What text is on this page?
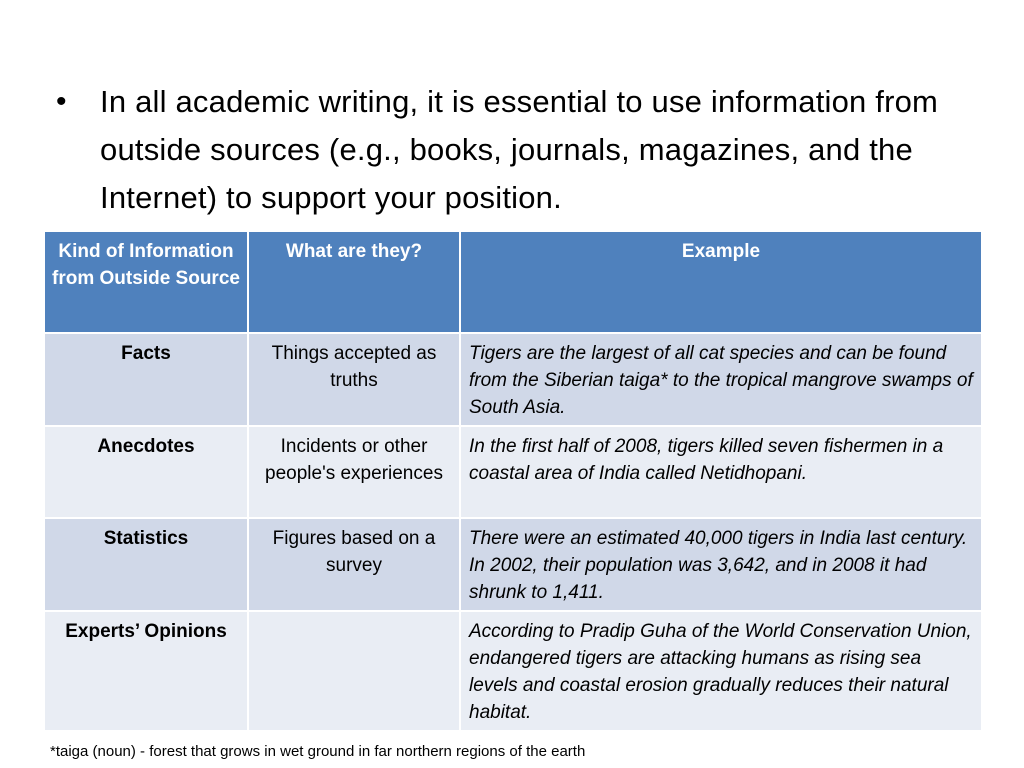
•	In all academic writing, it is essential to use information from outside sources (e.g., books, journals, magazines, and the Internet) to support your position.
Kind of Information from Outside Source	What are they?	Example
Facts	Things accepted as truths	Tigers are the largest of all cat species and can be found from the Siberian taiga* to the tropical mangrove swamps of South Asia.
Anecdotes	Incidents or other people's experiences	In the first half of 2008, tigers killed seven fishermen in a coastal area of India called Netidhopani.
Statistics	Figures based on a survey	There were an estimated 40,000 tigers in India last century. In 2002, their population was 3,642, and in 2008 it had shrunk to 1,411.
Experts’ Opinions		According to Pradip Guha of the World Conservation Union, endangered tigers are attacking humans as rising sea levels and coastal erosion gradually reduces their natural habitat.
*taiga (noun) - forest that grows in wet ground in far northern regions of the earth
